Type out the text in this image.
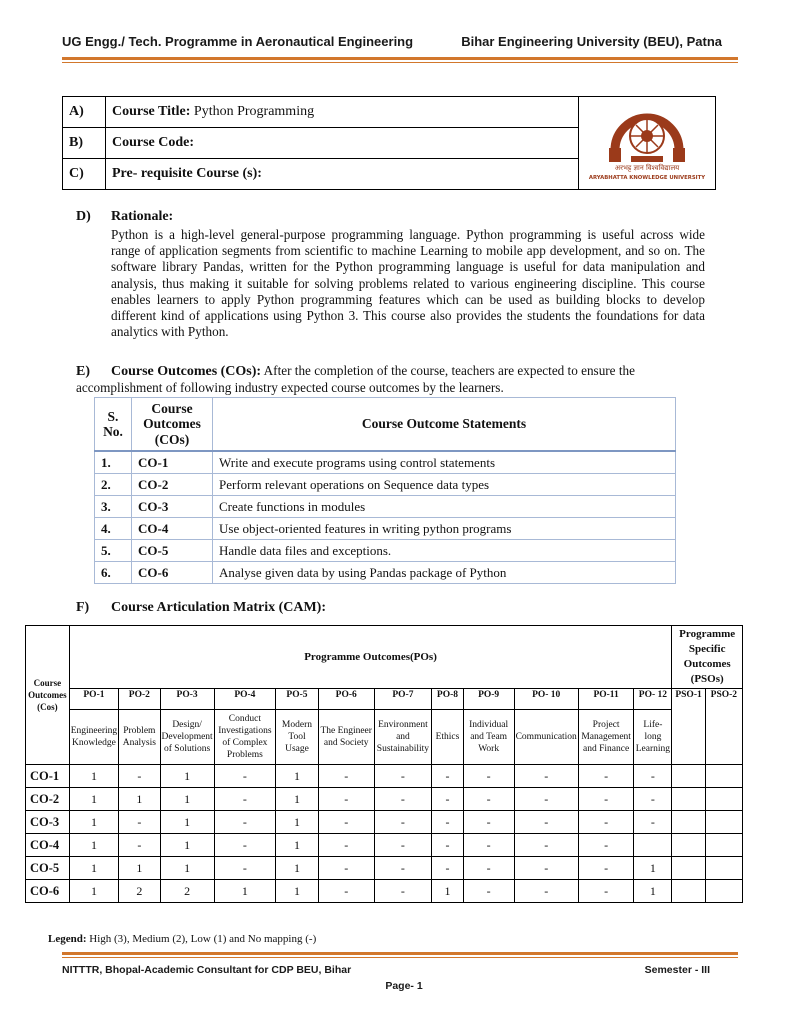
UG Engg./ Tech. Programme in Aeronautical Engineering	Bihar Engineering University (BEU), Patna
A)	Course Title: Python Programming	अरभट्ट ज्ञान विश्वविद्यालय
ARYABHATTA KNOWLEDGE UNIVERSITY

B)	Course Code:	
C)	Pre- requisite Course (s):	
D) Rationale:
Python is a high-level general-purpose programming language. Python programming is useful across wide range of application segments from scientific to machine Learning to mobile app development, and so on. The software library Pandas, written for the Python programming language is useful for data manipulation and analysis, thus making it suitable for solving problems related to various engineering discipline. This course enables learners to apply Python programming features which can be used as building blocks to develop different kind of applications using Python 3. This course also provides the students the foundations for data analytics with Python.
E) Course Outcomes (COs): After the completion of the course, teachers are expected to ensure the accomplishment of following industry expected course outcomes by the learners.
S. No.	Course Outcomes (COs)	Course Outcome Statements
1.	CO-1	Write and execute programs using control statements
2.	CO-2	Perform relevant operations on Sequence data types
3.	CO-3	Create functions in modules
4.	CO-4	Use object-oriented features in writing python programs
5.	CO-5	Handle data files and exceptions.
6.	CO-6	Analyse given data by using Pandas package of Python
F) Course Articulation Matrix (CAM):
Course Outcomes (Cos)	Programme Outcomes(POs)												Programme Specific Outcomes (PSOs)	
	PO-1	PO-2	PO-3	PO-4	PO-5	PO-6	PO-7	PO-8	PO-9	PO- 10	PO-11	PO- 12	PSO-1	PSO-2
	Engineering Knowledge	Problem Analysis	Design/ Development of Solutions	Conduct Investigations of Complex Problems	Modern Tool Usage	The Engineer and Society	Environment and Sustainability	Ethics	Individual and Team Work	Communication	Project Management and Finance	Life-long Learning		
CO-1	1	-	1	-	1	-	-	-	-	-	-	-		
CO-2	1	1	1	-	1	-	-	-	-	-	-	-		
CO-3	1	-	1	-	1	-	-	-	-	-	-	-		
CO-4	1	-	1	-	1	-	-	-	-	-	-			
CO-5	1	1	1	-	1	-	-	-	-	-	-	1		
CO-6	1	2	2	1	1	-	-	1	-	-	-	1		
Legend: High (3), Medium (2), Low (1) and No mapping (-)
NITTTR, Bhopal-Academic Consultant for CDP BEU, Bihar	Semester - III
Page- 1
